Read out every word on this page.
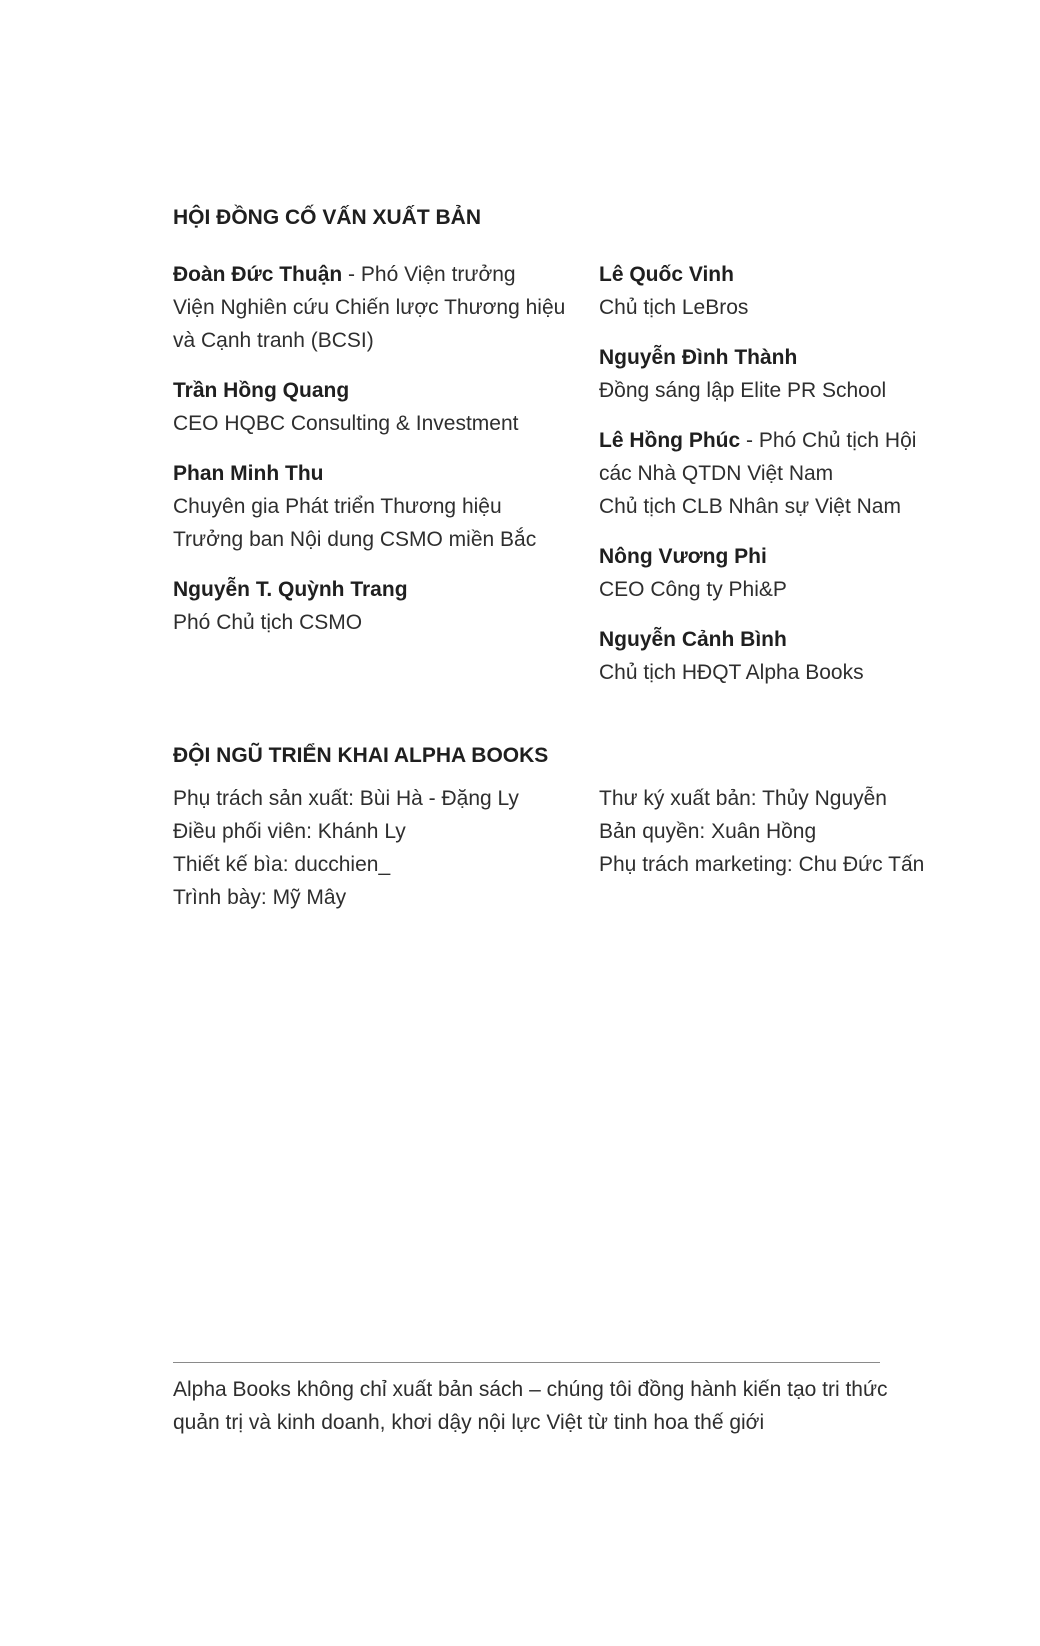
HỘI ĐỒNG CỐ VẤN XUẤT BẢN
Đoàn Đức Thuận - Phó Viện trưởng
Viện Nghiên cứu Chiến lược Thương hiệu
và Cạnh tranh (BCSI)
Trần Hồng Quang
CEO HQBC Consulting & Investment
Phan Minh Thu
Chuyên gia Phát triển Thương hiệu
Trưởng ban Nội dung CSMO miền Bắc
Nguyễn T. Quỳnh Trang
Phó Chủ tịch CSMO
Lê Quốc Vinh
Chủ tịch LeBros
Nguyễn Đình Thành
Đồng sáng lập Elite PR School
Lê Hồng Phúc - Phó Chủ tịch Hội
các Nhà QTDN Việt Nam
Chủ tịch CLB Nhân sự Việt Nam
Nông Vương Phi
CEO Công ty Phi&P
Nguyễn Cảnh Bình
Chủ tịch HĐQT Alpha Books
ĐỘI NGŨ TRIỂN KHAI ALPHA BOOKS
Phụ trách sản xuất: Bùi Hà - Đặng Ly
Điều phối viên: Khánh Ly
Thiết kế bìa: ducchien_
Trình bày: Mỹ Mây
Thư ký xuất bản: Thủy Nguyễn
Bản quyền: Xuân Hồng
Phụ trách marketing: Chu Đức Tấn
Alpha Books không chỉ xuất bản sách – chúng tôi đồng hành kiến tạo tri thức
quản trị và kinh doanh, khơi dậy nội lực Việt từ tinh hoa thế giới
